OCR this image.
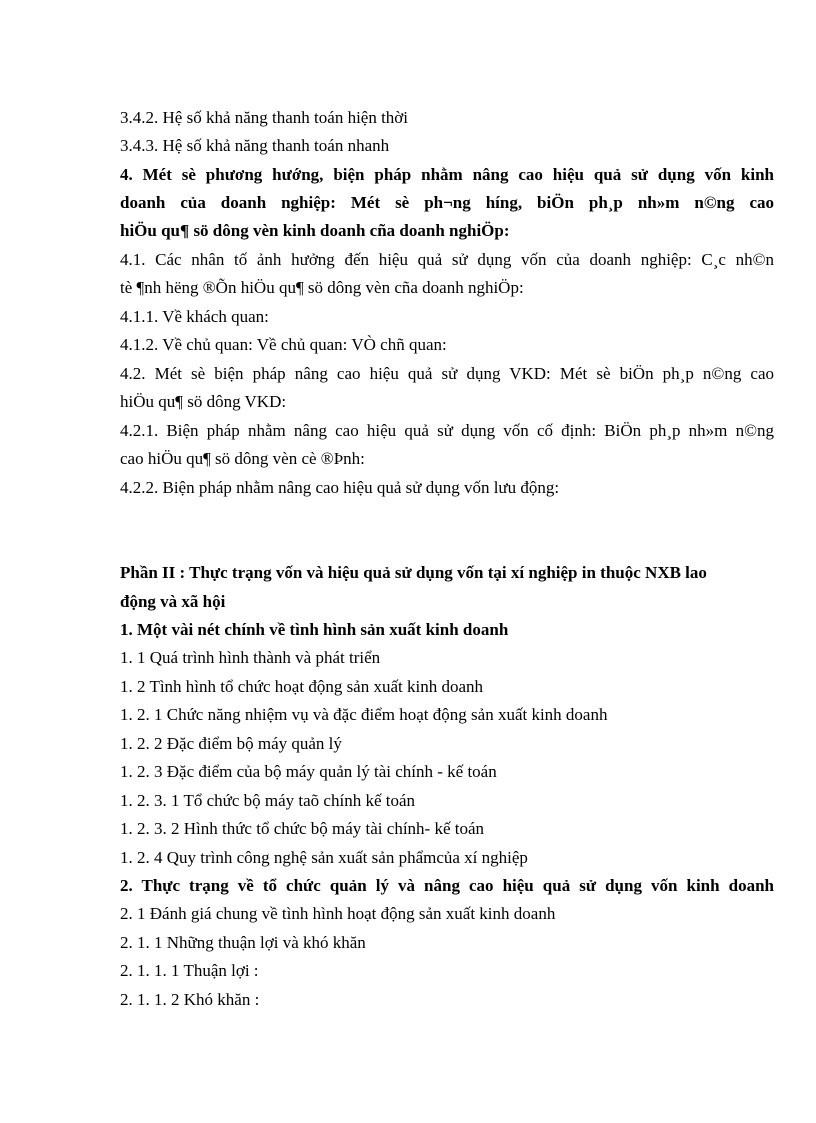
3.4.2. Hệ số khả năng thanh toán hiện thời
3.4.3. Hệ số khả năng thanh toán nhanh
4. Mét sè phương hướng, biện pháp nhằm nâng cao hiệu quả sử dụng vốn kinh
doanh của doanh nghiệp: Mét sè ph¬ng híng, biÖn ph¸p nh»m n©ng cao
hiÖu qu¶ sö dông vèn kinh doanh cña doanh nghiÖp:
4.1. Các nhân tố ảnh hưởng đến hiệu quả sử dụng vốn của doanh nghiệp: C¸c nh©n
tè ¶nh hëng ®Õn hiÖu qu¶ sö dông vèn cña doanh nghiÖp:
4.1.1. Về khách quan:
4.1.2. Về chủ quan: Về chủ quan: VÒ chñ quan:
4.2. Mét sè biện pháp nâng cao hiệu quả sử dụng VKD: Mét sè biÖn ph¸p n©ng cao
hiÖu qu¶ sö dông VKD:
4.2.1. Biện pháp nhằm nâng cao hiệu quả sử dụng vốn cố định: BiÖn ph¸p nh»m n©ng
cao hiÖu qu¶ sö dông vèn cè ®Þnh:
4.2.2. Biện pháp nhằm nâng cao hiệu quả sử dụng vốn lưu động:
Phần II : Thực trạng vốn và hiệu quả sử dụng vốn tại xí nghiệp in thuộc NXB lao
động và xã hội
1. Một vài nét chính về tình hình sản xuất kinh doanh
1. 1 Quá trình hình thành và phát triển
1. 2 Tình hình tổ chức hoạt động sản xuất kinh doanh
1. 2. 1 Chức năng nhiệm vụ và đặc điểm hoạt động sản xuất kinh doanh
1. 2. 2 Đặc điểm bộ máy quản lý
1. 2. 3 Đặc điểm của bộ máy quản lý tài chính - kế toán
1. 2. 3. 1 Tổ chức bộ máy taõ chính kế toán
1. 2. 3. 2 Hình thức tổ chức bộ máy tài chính- kế toán
1. 2. 4 Quy trình công nghệ sản xuất sản phẩmcủa xí nghiệp
2. Thực trạng về tổ chức quản lý và nâng cao hiệu quả sử dụng vốn kinh doanh
2. 1 Đánh giá chung về tình hình hoạt động sản xuất kinh doanh
2. 1. 1 Những thuận lợi và khó khăn
2. 1. 1. 1 Thuận lợi :
2. 1. 1. 2 Khó khăn :
